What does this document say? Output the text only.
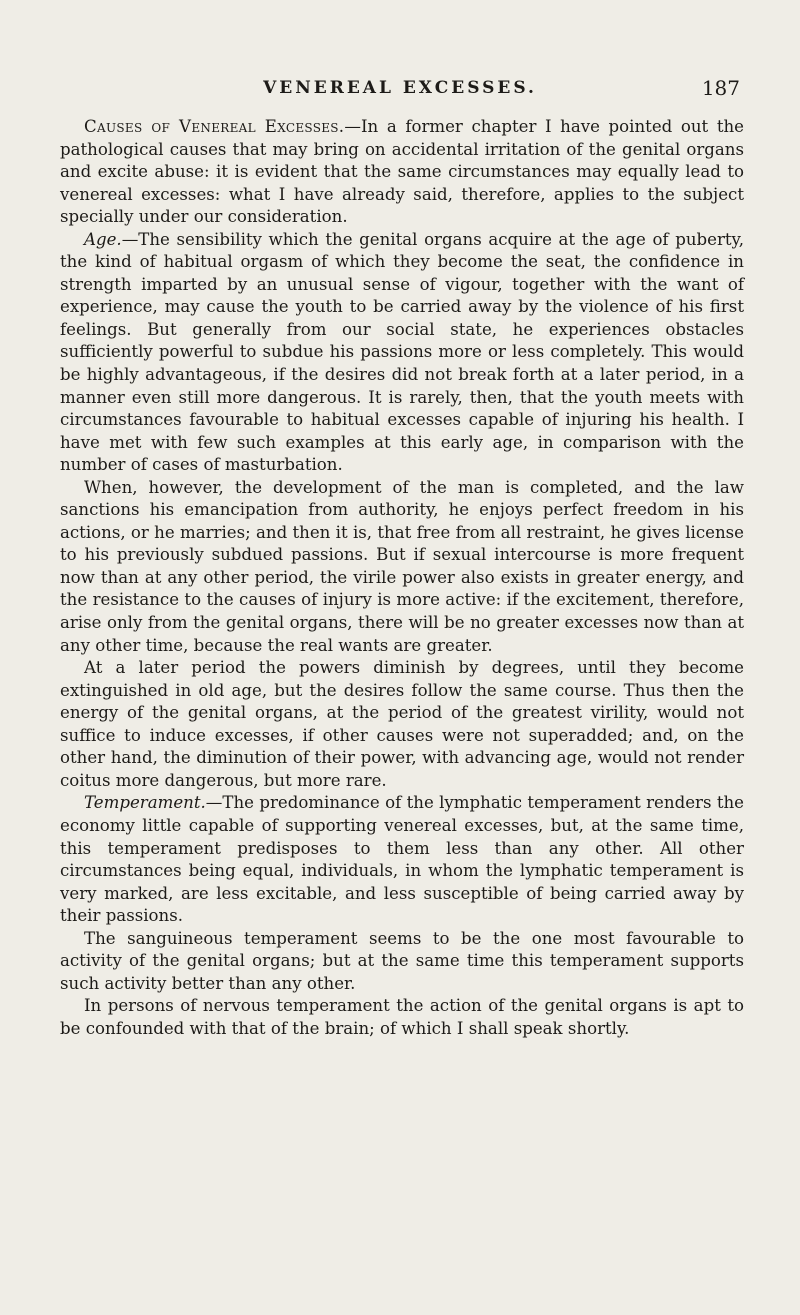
VENEREAL EXCESSES.	187

Causes of Venereal Excesses.—In a former chapter I have pointed out the pathological causes that may bring on accidental irritation of the genital organs and excite abuse: it is evident that the same circumstances may equally lead to venereal excesses: what I have already said, therefore, applies to the subject specially under our consideration.

Age.—The sensibility which the genital organs acquire at the age of puberty, the kind of habitual orgasm of which they become the seat, the confidence in strength imparted by an unusual sense of vigour, together with the want of experience, may cause the youth to be carried away by the violence of his first feelings. But generally from our social state, he experiences obstacles sufficiently powerful to subdue his passions more or less completely. This would be highly advantageous, if the desires did not break forth at a later period, in a manner even still more dangerous. It is rarely, then, that the youth meets with circumstances favourable to habitual excesses capable of injuring his health. I have met with few such examples at this early age, in comparison with the number of cases of masturbation.

When, however, the development of the man is completed, and the law sanctions his emancipation from authority, he enjoys perfect freedom in his actions, or he marries; and then it is, that free from all restraint, he gives license to his previously subdued passions. But if sexual intercourse is more frequent now than at any other period, the virile power also exists in greater energy, and the resistance to the causes of injury is more active: if the excitement, therefore, arise only from the genital organs, there will be no greater excesses now than at any other time, because the real wants are greater.

At a later period the powers diminish by degrees, until they become extinguished in old age, but the desires follow the same course. Thus then the energy of the genital organs, at the period of the greatest virility, would not suffice to induce excesses, if other causes were not superadded; and, on the other hand, the diminution of their power, with advancing age, would not render coitus more dangerous, but more rare.

Temperament.—The predominance of the lymphatic temperament renders the economy little capable of supporting venereal excesses, but, at the same time, this temperament predisposes to them less than any other. All other circumstances being equal, individuals, in whom the lymphatic temperament is very marked, are less excitable, and less susceptible of being carried away by their passions.

The sanguineous temperament seems to be the one most favourable to activity of the genital organs; but at the same time this temperament supports such activity better than any other.

In persons of nervous temperament the action of the genital organs is apt to be confounded with that of the brain; of which I shall speak shortly.
